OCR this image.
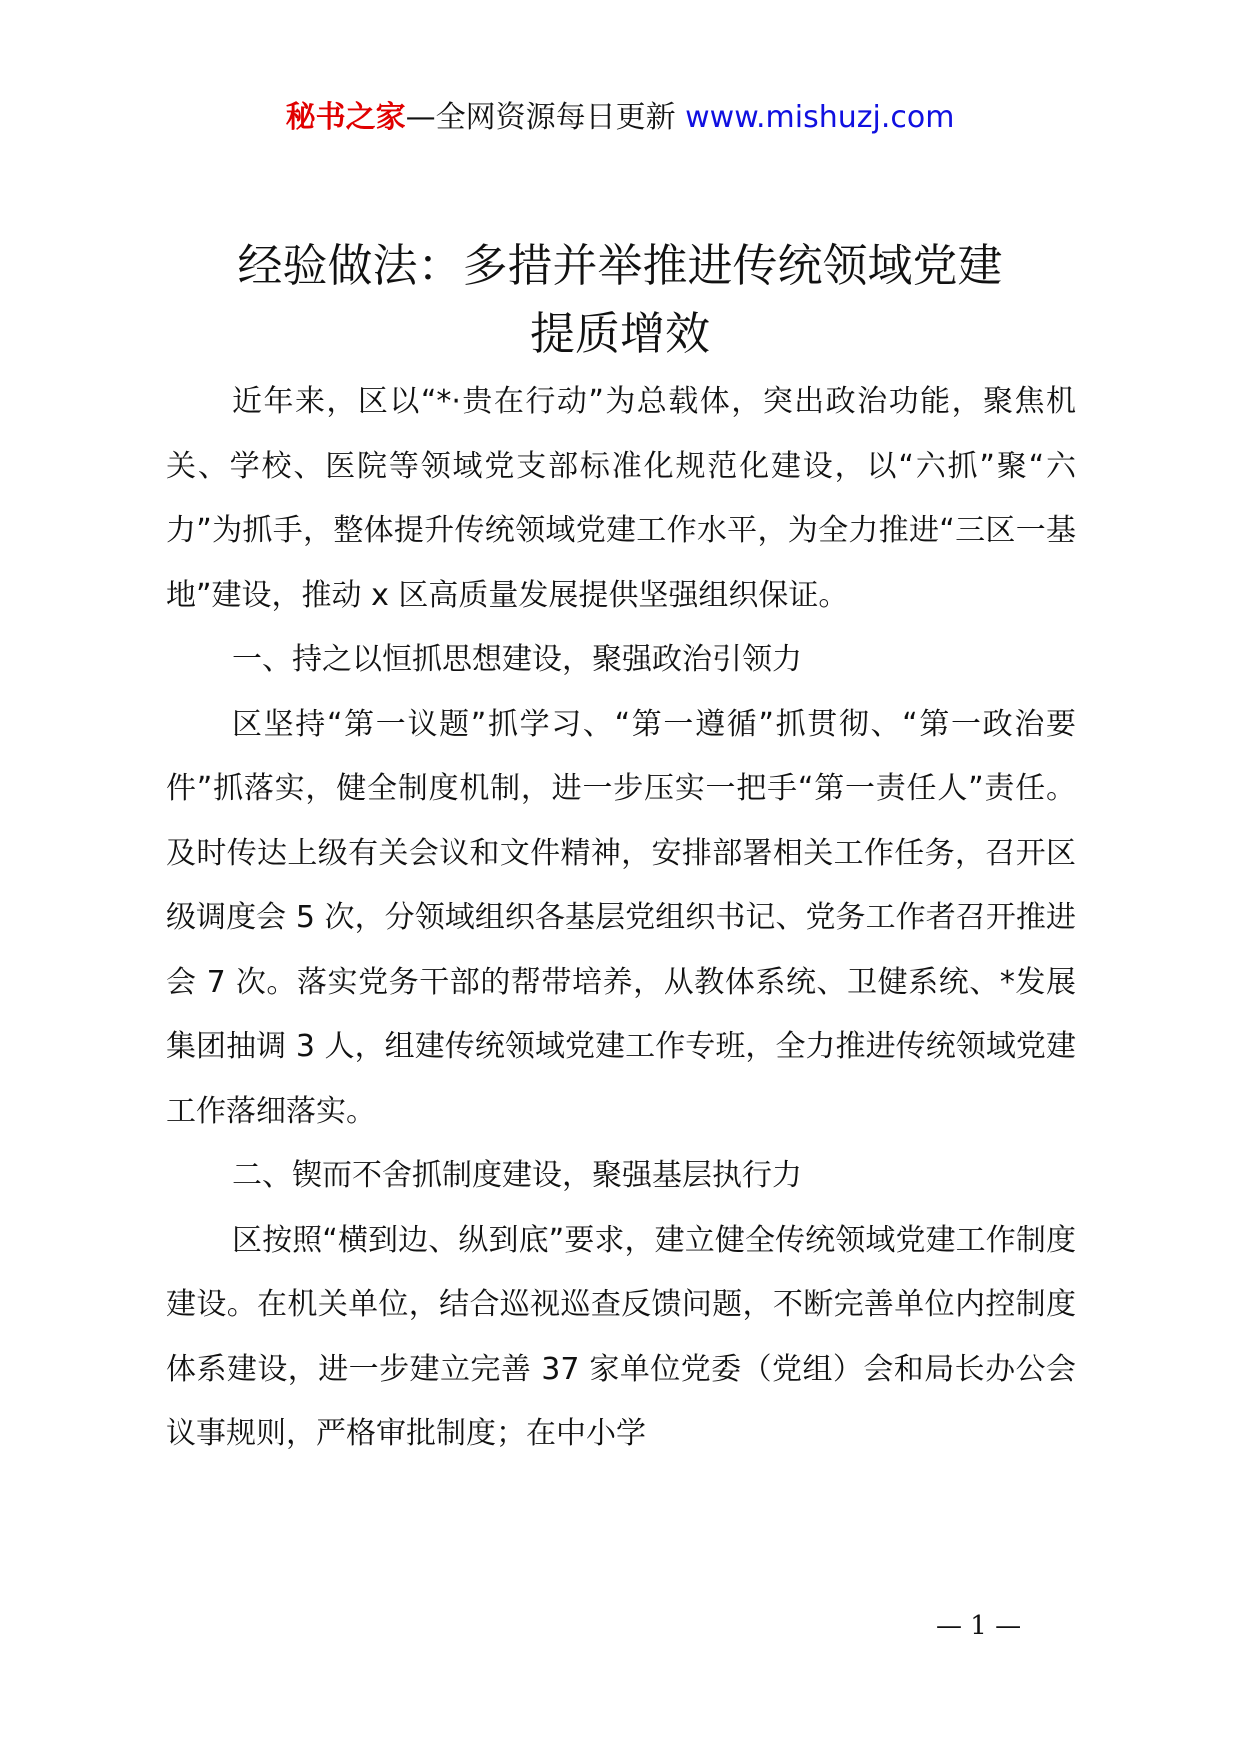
秘书之家—全网资源每日更新 www.mishuzj.com
经验做法：多措并举推进传统领域党建
提质增效

近年来，区以“*·贵在行动”为总载体，突出政治功能，聚焦机关、学校、医院等领域党支部标准化规范化建设，以“六抓”聚“六力”为抓手，整体提升传统领域党建工作水平，为全力推进“三区一基地”建设，推动 x 区高质量发展提供坚强组织保证。

一、持之以恒抓思想建设，聚强政治引领力

区坚持“第一议题”抓学习、“第一遵循”抓贯彻、“第一政治要件”抓落实，健全制度机制，进一步压实一把手“第一责任人”责任。及时传达上级有关会议和文件精神，安排部署相关工作任务，召开区级调度会 5 次，分领域组织各基层党组织书记、党务工作者召开推进会 7 次。落实党务干部的帮带培养，从教体系统、卫健系统、*发展集团抽调 3 人，组建传统领域党建工作专班，全力推进传统领域党建工作落细落实。

二、锲而不舍抓制度建设，聚强基层执行力

区按照“横到边、纵到底”要求，建立健全传统领域党建工作制度建设。在机关单位，结合巡视巡查反馈问题，不断完善单位内控制度体系建设，进一步建立完善 37 家单位党委（党组）会和局长办公会议事规则，严格审批制度；在中小学

— 1 —
